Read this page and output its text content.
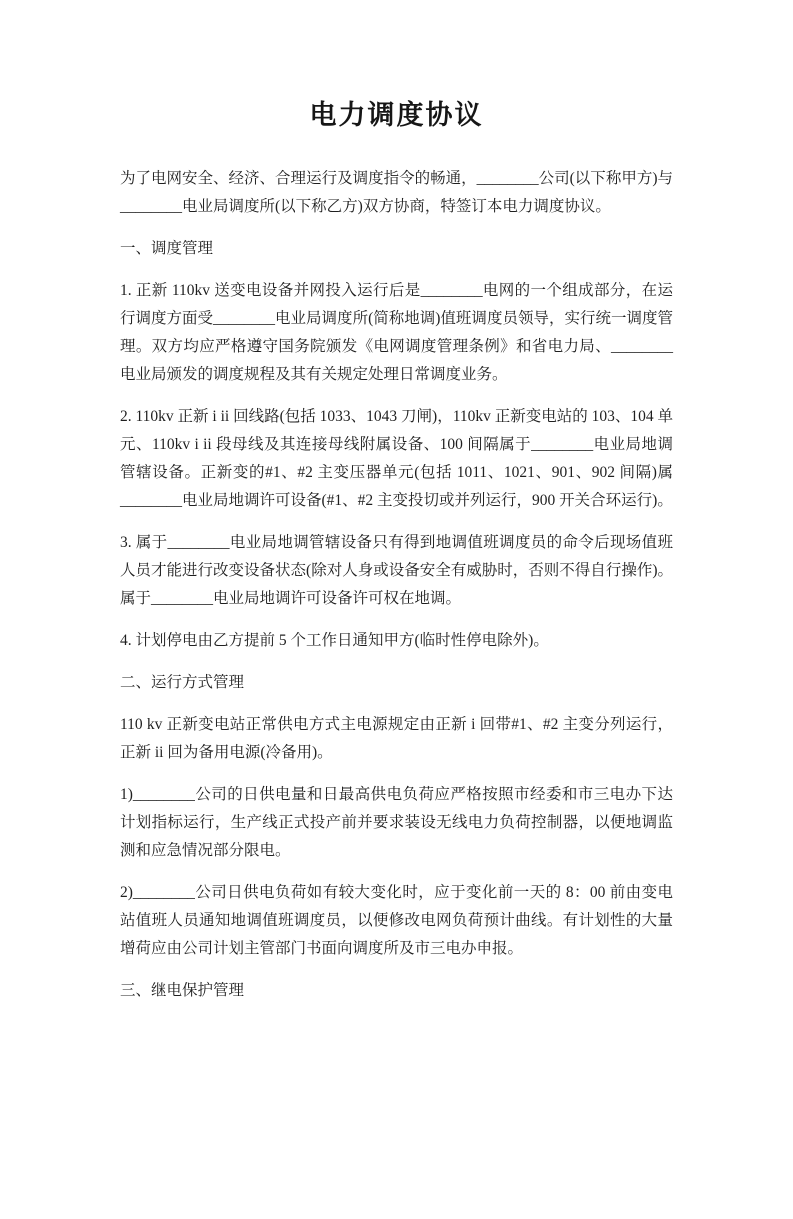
电力调度协议

为了电网安全、经济、合理运行及调度指令的畅通，________公司(以下称甲方)与________电业局调度所(以下称乙方)双方协商，特签订本电力调度协议。

一、调度管理

1. 正新 110kv 送变电设备并网投入运行后是________电网的一个组成部分，在运行调度方面受________电业局调度所(简称地调)值班调度员领导，实行统一调度管理。双方均应严格遵守国务院颁发《电网调度管理条例》和省电力局、________电业局颁发的调度规程及其有关规定处理日常调度业务。

2. 110kv 正新 i ii 回线路(包括 1033、1043 刀闸)，110kv 正新变电站的 103、104 单元、110kv i ii 段母线及其连接母线附属设备、100 间隔属于________电业局地调管辖设备。正新变的#1、#2 主变压器单元(包括 1011、1021、901、902 间隔)属________电业局地调许可设备(#1、#2 主变投切或并列运行，900 开关合环运行)。

3. 属于________电业局地调管辖设备只有得到地调值班调度员的命令后现场值班人员才能进行改变设备状态(除对人身或设备安全有威胁时，否则不得自行操作)。属于________电业局地调许可设备许可权在地调。

4. 计划停电由乙方提前 5 个工作日通知甲方(临时性停电除外)。

二、运行方式管理

110 kv 正新变电站正常供电方式主电源规定由正新 i 回带#1、#2 主变分列运行，正新 ii 回为备用电源(冷备用)。

1)________公司的日供电量和日最高供电负荷应严格按照市经委和市三电办下达计划指标运行，生产线正式投产前并要求装设无线电力负荷控制器，以便地调监测和应急情况部分限电。

2)________公司日供电负荷如有较大变化时，应于变化前一天的 8：00 前由变电站值班人员通知地调值班调度员，以便修改电网负荷预计曲线。有计划性的大量增荷应由公司计划主管部门书面向调度所及市三电办申报。

三、继电保护管理
